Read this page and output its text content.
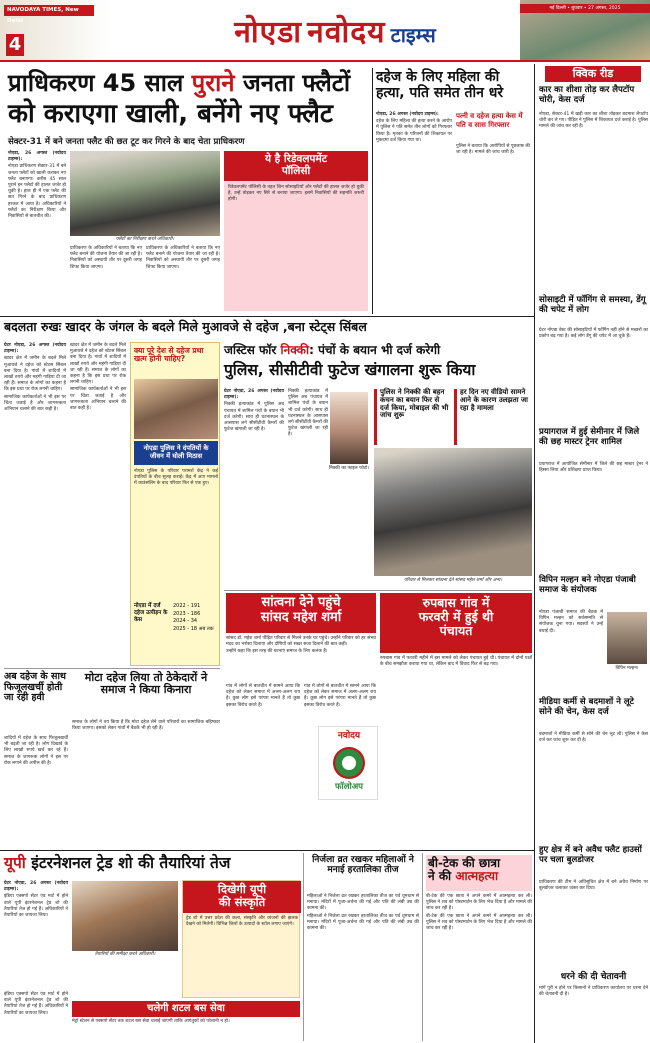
NAVODAYA TIMES, New Delhi
4	नोएडा नवोदय टाइम्स
नई दिल्ली • बुधवार • 27 अगस्त, 2025
प्राधिकरण 45 साल पुराने जनता फ्लैटों
को कराएगा खाली, बनेंगे नए फ्लैट
सेक्टर-31 में बने जनता फ्लैट की छत टूट कर गिरने के बाद चेता प्राधिकरण

नोएडा, 26 अगस्त (नवोदय टाइम्स):

नोएडा प्राधिकरण सेक्टर-31 में बने जनता फ्लैटों को खाली कराकर नए फ्लैट बनाएगा। करीब 45 साल पुराने इन फ्लैटों की हालत जर्जर हो चुकी है। हाल ही में एक फ्लैट की छत गिरने के बाद प्राधिकरण हरकत में आया है। अधिकारियों ने फ्लैटों का निरीक्षण किया और निवासियों से बातचीत की।

फ्लैटों का निरीक्षण करते अधिकारी।
ये है रिडेवलपमेंट
पॉलिसी
रिडेवलपमेंट पॉलिसी के तहत जिन सोसाइटियों और फ्लैटों की हालत जर्जर हो चुकी है, उन्हें तोड़कर नए सिरे से बनाया जाएगा। इसमें निवासियों की सहमति जरूरी होगी।
प्राधिकरण के अधिकारियों ने बताया कि नए फ्लैट बनाने की योजना तैयार की जा रही है। निवासियों को अस्थायी तौर पर दूसरी जगह शिफ्ट किया जाएगा।
प्राधिकरण के अधिकारियों ने बताया कि नए फ्लैट बनाने की योजना तैयार की जा रही है। निवासियों को अस्थायी तौर पर दूसरी जगह शिफ्ट किया जाएगा।
दहेज के लिए महिला की हत्या, पति समेत तीन धरे

नोएडा, 26 अगस्त (नवोदय टाइम्स):

दहेज के लिए महिला की हत्या करने के आरोप में पुलिस ने पति समेत तीन लोगों को गिरफ्तार किया है। मृतका के परिजनों की शिकायत पर मुकदमा दर्ज किया गया था।

पत्नी व दहेज हत्या केस में पति व सास गिरफ्तार
पुलिस ने बताया कि आरोपियों से पूछताछ की जा रही है। मामले की जांच जारी है।
क्विक रीड
कार का शीशा तोड़ कर लैपटॉप चोरी, केस दर्ज
नोएडा, सेक्टर-41 में खड़ी कार का शीशा तोड़कर बदमाश लैपटॉप चोरी कर ले गए। पीड़ित ने पुलिस में शिकायत दर्ज कराई है। पुलिस मामले की जांच कर रही है।
सोसाइटी में फॉगिंग से समस्या, डेंगू की चपेट में लोग
ग्रेटर नोएडा वेस्ट की सोसाइटियों में फॉगिंग नहीं होने से मच्छरों का प्रकोप बढ़ गया है। कई लोग डेंगू की चपेट में आ चुके हैं।
प्रयागराज में हुई सेमीनार में जिले की छह मास्टर ट्रेनर शामिल
प्रयागराज में आयोजित सेमीनार में जिले की छह मास्टर ट्रेनर ने हिस्सा लिया और प्रशिक्षण प्राप्त किया।
विपिन मल्हन बने नोएडा पंजाबी समाज के संयोजक
नोएडा पंजाबी समाज की बैठक में विपिन मल्हन को सर्वसम्मति से संयोजक चुना गया। सदस्यों ने उन्हें बधाई दी।
विपिन मल्हन।
मीडिया कर्मी से बदमाशों ने लूटे सोने की चेन, केस दर्ज
बदमाशों ने मीडिया कर्मी से सोने की चेन लूट ली। पुलिस ने केस दर्ज कर जांच शुरू कर दी है।
हुए क्षेत्र में बने अवैध फ्लैट हाउसों पर चला बुलडोजर
प्राधिकरण की टीम ने अधिसूचित क्षेत्र में बने अवैध निर्माण पर बुलडोजर चलाकर ध्वस्त कर दिया।
धरने की दी चेतावनी
मांगें पूरी न होने पर किसानों ने प्राधिकरण कार्यालय पर धरना देने की चेतावनी दी है।
बदलता रुखः खादर के जंगल के बदले मिले मुआवजे से दहेज ,बना स्टेट्स सिंबल

ग्रेटर नोएडा, 26 अगस्त (नवोदय टाइम्स):

खादर क्षेत्र में जमीन के बदले मिले मुआवजे ने दहेज को स्टेटस सिंबल बना दिया है। गांवों में शादियों में लाखों रुपये और महंगी गाड़ियां दी जा रही हैं। समाज के लोगों का कहना है कि इस प्रथा पर रोक लगनी चाहिए।

सामाजिक कार्यकर्ताओं ने भी इस पर चिंता जताई है और जागरूकता अभियान चलाने की बात कही है।

खादर क्षेत्र में जमीन के बदले मिले मुआवजे ने दहेज को स्टेटस सिंबल बना दिया है। गांवों में शादियों में लाखों रुपये और महंगी गाड़ियां दी जा रही हैं। समाज के लोगों का कहना है कि इस प्रथा पर रोक लगनी चाहिए।

सामाजिक कार्यकर्ताओं ने भी इस पर चिंता जताई है और जागरूकता अभियान चलाने की बात कही है।

क्या पूरे देश से दहेज प्रथा खत्म होनी चाहिए?
नोएडा पुलिस ने दंपतियों के जीवन में घोली मिठास
नोएडा पुलिस के परिवार परामर्श केंद्र ने कई दंपतियों के बीच सुलह कराई। केंद्र में आए मामलों में काउंसलिंग के बाद परिवार फिर से एक हुए।
नोएडा में दर्ज दहेज उत्पीड़न के केस
2022 - 191
2023 - 186
2024 - 34
2025 - 18 अब तक
जस्टिस फॉर निक्की: पंचों के बयान भी दर्ज करेगी
पुलिस, सीसीटीवी फुटेज खंगालना शुरू किया

ग्रेटर नोएडा, 26 अगस्त (नवोदय टाइम्स):

निक्की हत्याकांड में पुलिस अब पंचायत में शामिल पंचों के बयान भी दर्ज करेगी। साथ ही घटनास्थल के आसपास लगे सीसीटीवी कैमरों की फुटेज खंगाली जा रही है।

निक्की हत्याकांड में पुलिस अब पंचायत में शामिल पंचों के बयान भी दर्ज करेगी। साथ ही घटनास्थल के आसपास लगे सीसीटीवी कैमरों की फुटेज खंगाली जा रही है।

निक्की का फाइल फोटो।
पुलिस ने निक्की की बहन कंचन का बयान फिर से दर्ज किया, मोबाइल की भी जांच शुरू
हर दिन नए वीडियो सामने आने के कारण उलझता जा रहा है मामला
परिवार से मिलकर सांत्वना देते सांसद महेश शर्मा और अन्य।
सांत्वना देने पहुंचे
सांसद महेश शर्मा

सांसद डॉ. महेश शर्मा पीड़ित परिवार से मिलने उनके घर पहुंचे। उन्होंने परिवार को हर संभव मदद का भरोसा दिलाया और दोषियों को सख्त सजा दिलाने की बात कही।

उन्होंने कहा कि इस तरह की घटनाएं समाज के लिए कलंक हैं।

रुपबास गांव में
फरवरी में हुई थी
पंचायत
रुपबास गांव में फरवरी महीने में इस मामले को लेकर पंचायत हुई थी। पंचायत में दोनों पक्षों के बीच समझौता कराया गया था, लेकिन बाद में विवाद फिर से बढ़ गया।
अब दहेज के साथ फिजूलखर्ची होती जा रही हवी
शादियों में दहेज के साथ फिजूलखर्ची भी बढ़ती जा रही है। लोग दिखावे के लिए लाखों रुपये खर्च कर रहे हैं। समाज के जागरूक लोगों ने इस पर रोक लगाने की अपील की है।
मोटा दहेज लिया तो ठेकेदारों ने समाज ने किया किनारा

समाज के लोगों ने तय किया है कि मोटा दहेज लेने वाले परिवारों का सामाजिक बहिष्कार किया जाएगा। इसको लेकर गांवों में बैठकें भी हो रही हैं।

गांव में लोगों से बातचीत में सामने आया कि दहेज को लेकर समाज में अलग-अलग राय है। कुछ लोग इसे परंपरा मानते हैं तो कुछ इसका विरोध करते हैं।
गांव में लोगों से बातचीत में सामने आया कि दहेज को लेकर समाज में अलग-अलग राय है। कुछ लोग इसे परंपरा मानते हैं तो कुछ इसका विरोध करते हैं।
नवोदय
फॉलोअप
यूपी इंटरनेशनल ट्रेड शो की तैयारियां तेज

ग्रेटर नोएडा, 26 अगस्त (नवोदय टाइम्स):

इंडिया एक्सपो सेंटर एंड मार्ट में होने वाले यूपी इंटरनेशनल ट्रेड शो की तैयारियां तेज हो गई हैं। अधिकारियों ने तैयारियों का जायजा लिया।

तैयारियों की समीक्षा करते अधिकारी।
दिखेगी यूपी
की संस्कृति
ट्रेड शो में उत्तर प्रदेश की कला, संस्कृति और व्यंजनों की झलक देखने को मिलेगी। विभिन्न जिलों के उत्पादों के स्टॉल लगाए जाएंगे।
चलेगी शटल बस सेवा
मेट्रो स्टेशन से एक्सपो सेंटर तक शटल बस सेवा चलाई जाएगी ताकि आगंतुकों को परेशानी न हो।
इंडिया एक्सपो सेंटर एंड मार्ट में होने वाले यूपी इंटरनेशनल ट्रेड शो की तैयारियां तेज हो गई हैं। अधिकारियों ने तैयारियों का जायजा लिया।
निर्जला व्रत रखकर महिलाओं ने मनाई हरतालिका तीज

महिलाओं ने निर्जला व्रत रखकर हरतालिका तीज का पर्व धूमधाम से मनाया। मंदिरों में पूजा-अर्चना की गई और पति की लंबी उम्र की कामना की।

महिलाओं ने निर्जला व्रत रखकर हरतालिका तीज का पर्व धूमधाम से मनाया। मंदिरों में पूजा-अर्चना की गई और पति की लंबी उम्र की कामना की।

बी-टेक की छात्रा
ने की आत्महत्या

बी-टेक की एक छात्रा ने अपने कमरे में आत्महत्या कर ली। पुलिस ने शव को पोस्टमार्टम के लिए भेज दिया है और मामले की जांच कर रही है।

बी-टेक की एक छात्रा ने अपने कमरे में आत्महत्या कर ली। पुलिस ने शव को पोस्टमार्टम के लिए भेज दिया है और मामले की जांच कर रही है।
